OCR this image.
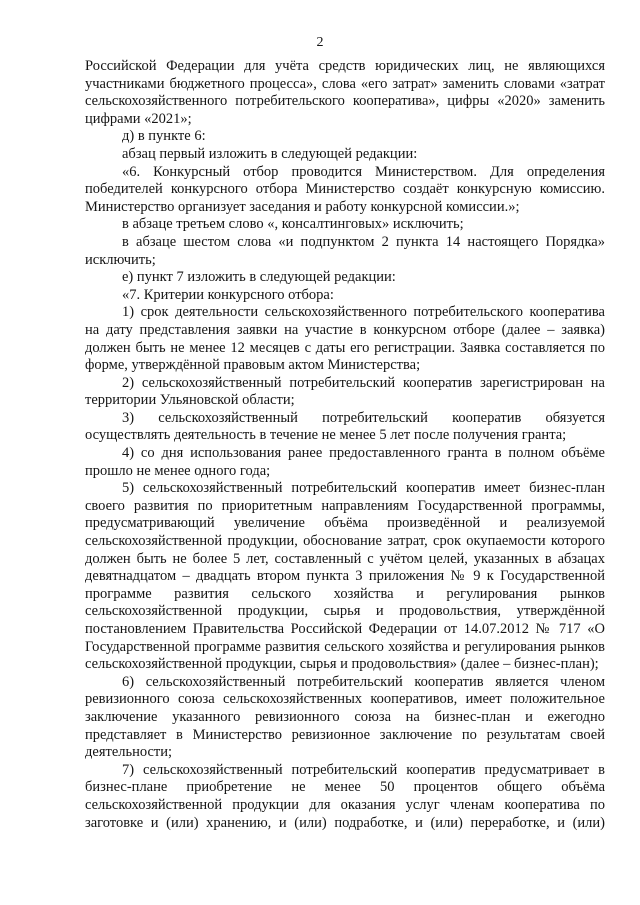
2

Российской Федерации для учёта средств юридических лиц, не являющихся участниками бюджетного процесса», слова «его затрат» заменить словами «затрат сельскохозяйственного потребительского кооператива», цифры «2020» заменить цифрами «2021»;

д) в пункте 6:

абзац первый изложить в следующей редакции:

«6. Конкурсный отбор проводится Министерством. Для определения победителей конкурсного отбора Министерство создаёт конкурсную комиссию. Министерство организует заседания и работу конкурсной комиссии.»;

в абзаце третьем слово «, консалтинговых» исключить;

в абзаце шестом слова «и подпунктом 2 пункта 14 настоящего Порядка» исключить;

е) пункт 7 изложить в следующей редакции:

«7. Критерии конкурсного отбора:

1) срок деятельности сельскохозяйственного потребительского кооператива на дату представления заявки на участие в конкурсном отборе (далее – заявка) должен быть не менее 12 месяцев с даты его регистрации. Заявка составляется по форме, утверждённой правовым актом Министерства;

2) сельскохозяйственный потребительский кооператив зарегистрирован на территории Ульяновской области;

3) сельскохозяйственный потребительский кооператив обязуется осуществлять деятельность в течение не менее 5 лет после получения гранта;

4) со дня использования ранее предоставленного гранта в полном объёме прошло не менее одного года;

5) сельскохозяйственный потребительский кооператив имеет бизнес-план своего развития по приоритетным направлениям Государственной программы, предусматривающий увеличение объёма произведённой и реализуемой сельскохозяйственной продукции, обоснование затрат, срок окупаемости которого должен быть не более 5 лет, составленный с учётом целей, указанных в абзацах девятнадцатом – двадцать втором пункта 3 приложения № 9 к Государственной программе развития сельского хозяйства и регулирования рынков сельскохозяйственной продукции, сырья и продовольствия, утверждённой постановлением Правительства Российской Федерации от 14.07.2012 № 717 «О Государственной программе развития сельского хозяйства и регулирования рынков сельскохозяйственной продукции, сырья и продовольствия» (далее – бизнес-план);

6) сельскохозяйственный потребительский кооператив является членом ревизионного союза сельскохозяйственных кооперативов, имеет положительное заключение указанного ревизионного союза на бизнес-план и ежегодно представляет в Министерство ревизионное заключение по результатам своей деятельности;

7) сельскохозяйственный потребительский кооператив предусматривает в бизнес-плане приобретение не менее 50 процентов общего объёма сельскохозяйственной продукции для оказания услуг членам кооператива по заготовке и (или) хранению, и (или) подработке, и (или) переработке, и (или)
